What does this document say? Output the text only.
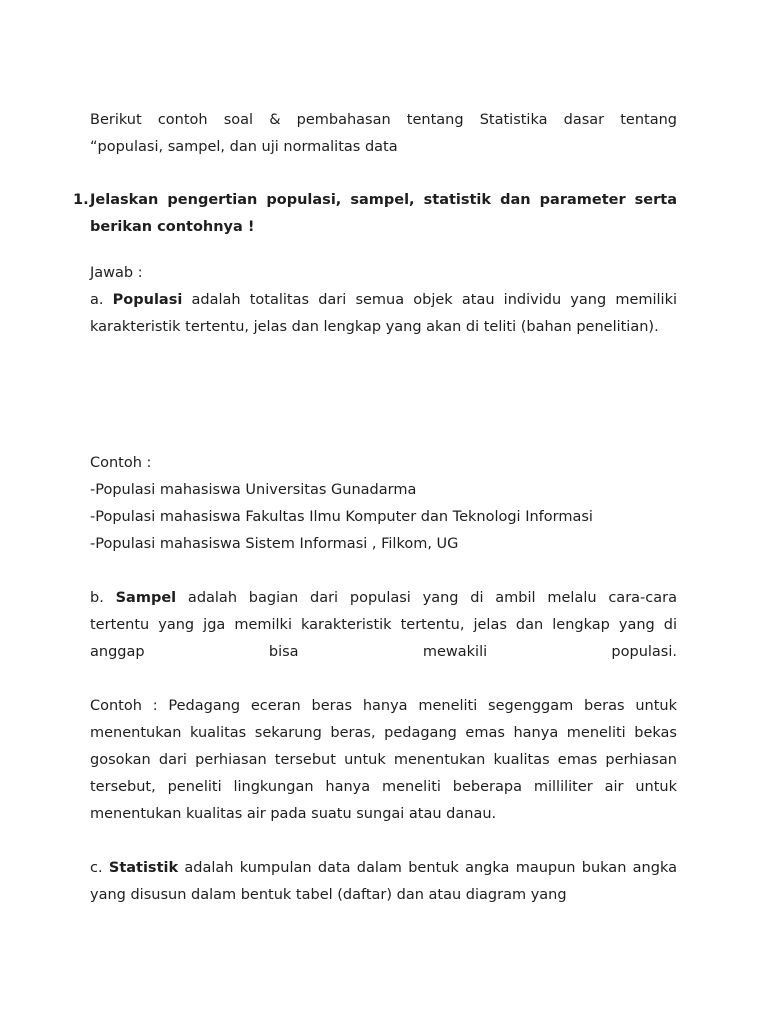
Berikut contoh soal & pembahasan tentang Statistika dasar tentang
“populasi, sampel, dan uji normalitas data
1. Jelaskan pengertian populasi, sampel, statistik dan parameter serta berikan contohnya !
Jawab :
a. Populasi adalah totalitas dari semua objek atau individu yang memiliki karakteristik tertentu, jelas dan lengkap yang akan di teliti (bahan penelitian).
Contoh :
-Populasi mahasiswa Universitas Gunadarma
-Populasi mahasiswa Fakultas Ilmu Komputer dan Teknologi Informasi
-Populasi mahasiswa Sistem Informasi , Filkom, UG
b. Sampel adalah bagian dari populasi yang di ambil melalu cara-cara
tertentu yang jga memilki karakteristik tertentu, jelas dan lengkap yang di
anggap bisa mewakili populasi.
Contoh : Pedagang eceran beras hanya meneliti segenggam beras untuk menentukan kualitas sekarung beras, pedagang emas hanya meneliti bekas gosokan dari perhiasan tersebut untuk menentukan kualitas emas perhiasan tersebut, peneliti lingkungan hanya meneliti beberapa milliliter air untuk menentukan kualitas air pada suatu sungai atau danau.
c. Statistik adalah kumpulan data dalam bentuk angka maupun bukan angka yang disusun dalam bentuk tabel (daftar) dan atau diagram yang
